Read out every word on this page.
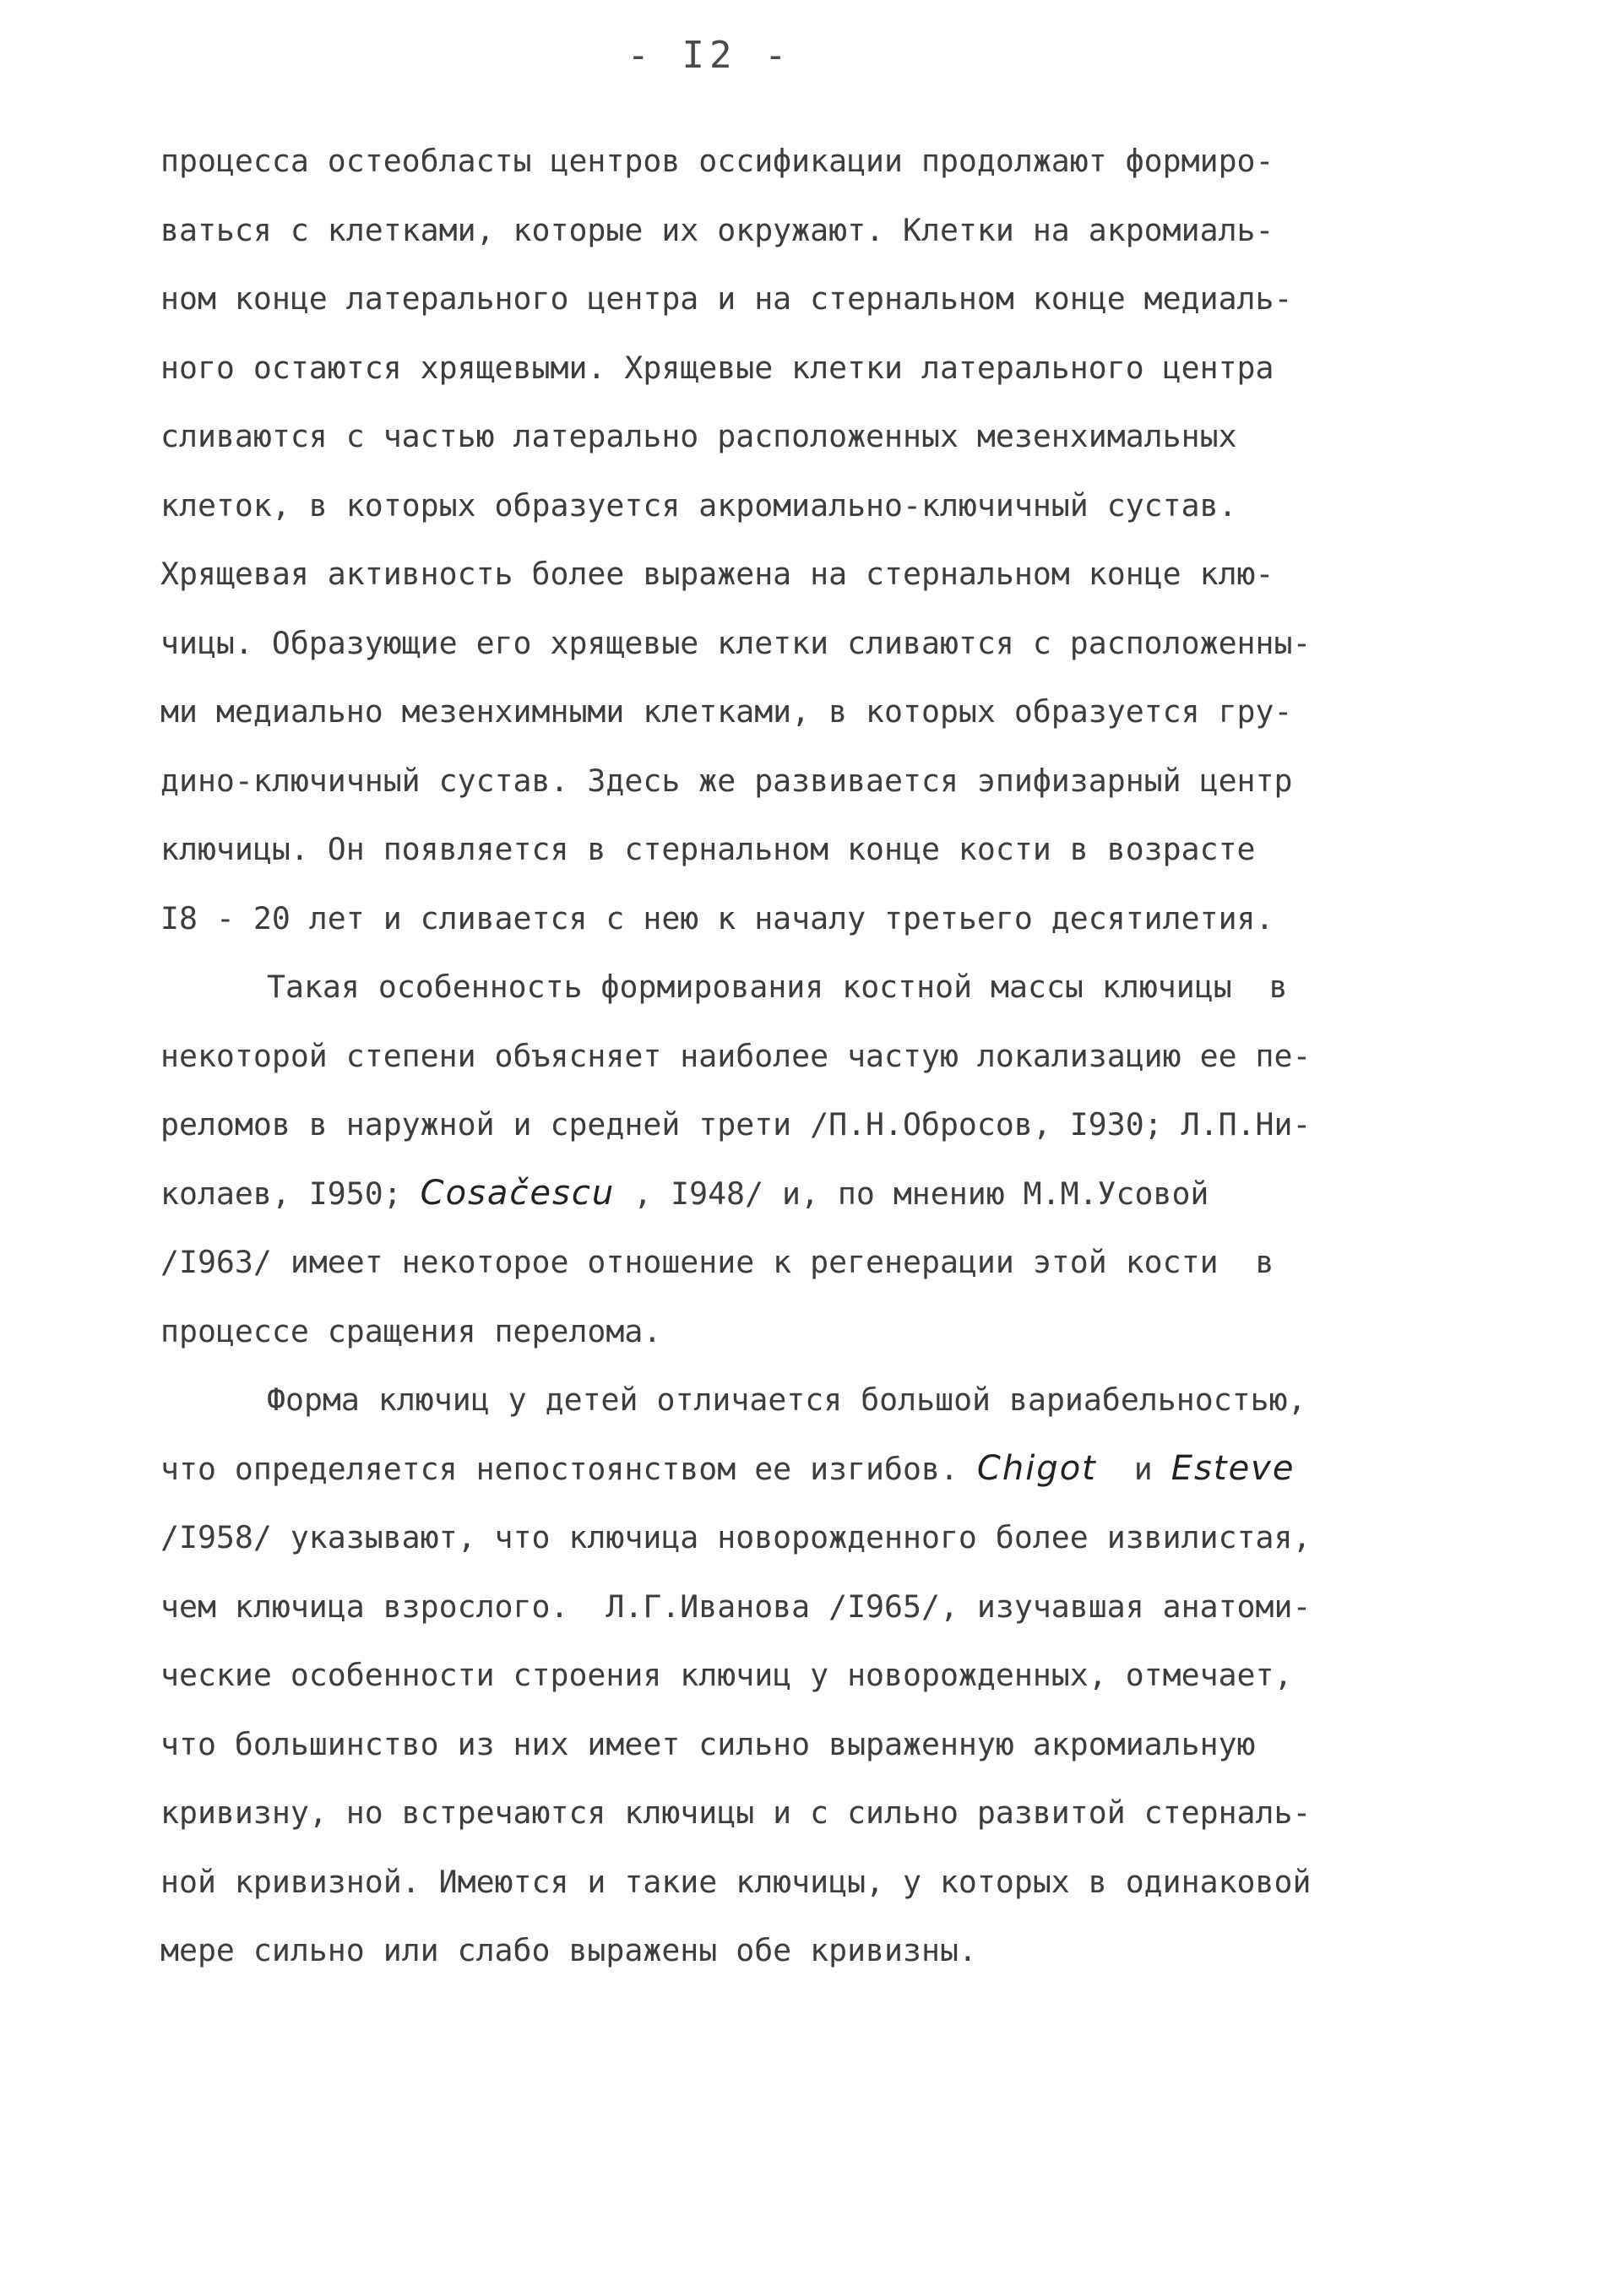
- I2 -
процесса остеобласты центров оссификации продолжают формиро-
ваться с клетками, которые их окружают. Клетки на акромиаль-
ном конце латерального центра и на стернальном конце медиаль-
ного остаются хрящевыми. Хрящевые клетки латерального центра
сливаются с частью латерально расположенных мезенхимальных
клеток, в которых образуется акромиально-ключичный сустав.
Хрящевая активность более выражена на стернальном конце клю-
чицы. Образующие его хрящевые клетки сливаются с расположенны-
ми медиально мезенхимными клетками, в которых образуется гру-
дино-ключичный сустав. Здесь же развивается эпифизарный центр
ключицы. Он появляется в стернальном конце кости в возрасте
I8 - 20 лет и сливается с нею к началу третьего десятилетия.
Такая особенность формирования костной массы ключицы  в
некоторой степени объясняет наиболее частую локализацию ее пе-
реломов в наружной и средней трети /П.Н.Обросов, I930; Л.П.Ни-
колаев, I950; Cosačescu , I948/ и, по мнению М.М.Усовой
/I963/ имеет некоторое отношение к регенерации этой кости  в
процессе сращения перелома.
Форма ключиц у детей отличается большой вариабельностью,
что определяется непостоянством ее изгибов. Chigot  и Esteve
/I958/ указывают, что ключица новорожденного более извилистая,
чем ключица взрослого.  Л.Г.Иванова /I965/, изучавшая анатоми-
ческие особенности строения ключиц у новорожденных, отмечает,
что большинство из них имеет сильно выраженную акромиальную
кривизну, но встречаются ключицы и с сильно развитой стерналь-
ной кривизной. Имеются и такие ключицы, у которых в одинаковой
мере сильно или слабо выражены обе кривизны.
